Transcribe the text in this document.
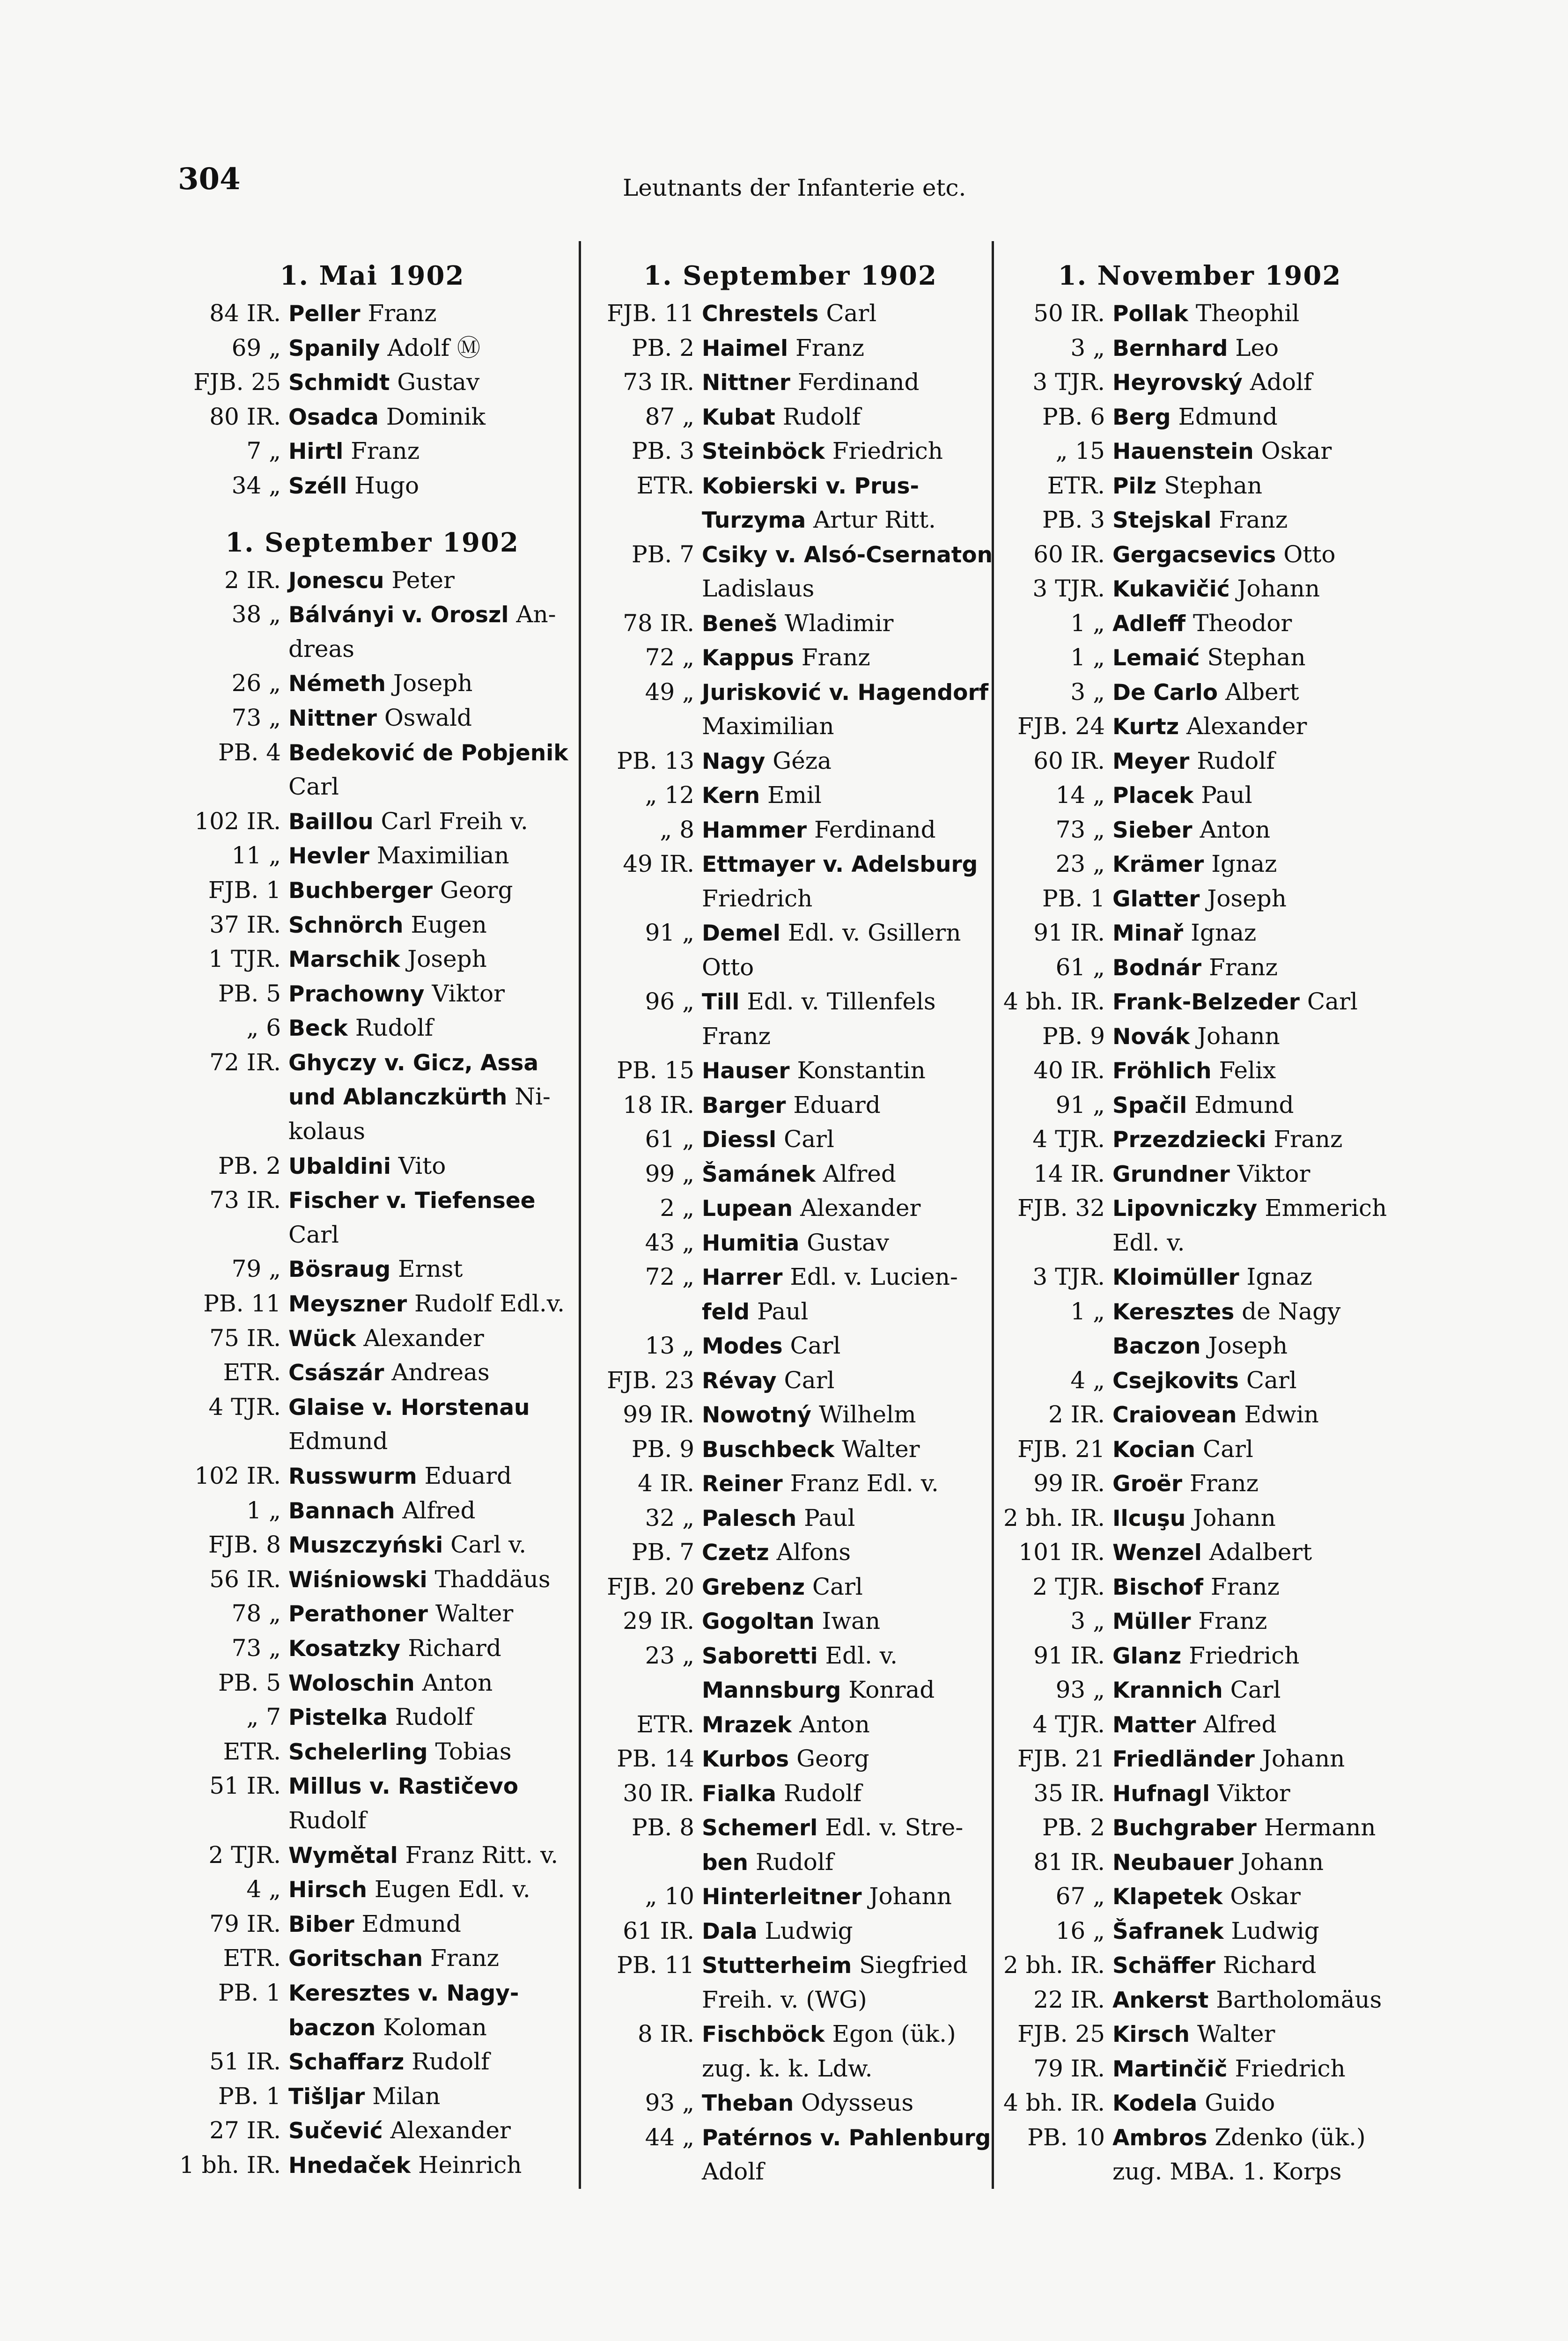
304	Leutnants der Infanterie etc.
1. Mai 1902
84 IR. Peller Franz
69 „ Spanily Adolf Ⓜ
FJB. 25 Schmidt Gustav
80 IR. Osadca Dominik
7 „ Hirtl Franz
34 „ Széll Hugo
1. September 1902
2 IR. Jonescu Peter
38 „ Bálványi v. Oroszl An-
dreas
26 „ Németh Joseph
73 „ Nittner Oswald
PB. 4 Bedeković de Pobjenik
Carl
102 IR. Baillou Carl Freih v.
11 „ Hevler Maximilian
FJB. 1 Buchberger Georg
37 IR. Schnörch Eugen
1 TJR. Marschik Joseph
PB. 5 Prachowny Viktor
„ 6 Beck Rudolf
72 IR. Ghyczy v. Gicz, Assa
und Ablanczkürth Ni-
kolaus
PB. 2 Ubaldini Vito
73 IR. Fischer v. Tiefensee
Carl
79 „ Bösraug Ernst
PB. 11 Meyszner Rudolf Edl.v.
75 IR. Wück Alexander
ETR. Császár Andreas
4 TJR. Glaise v. Horstenau
Edmund
102 IR. Russwurm Eduard
1 „ Bannach Alfred
FJB. 8 Muszczyński Carl v.
56 IR. Wiśniowski Thaddäus
78 „ Perathoner Walter
73 „ Kosatzky Richard
PB. 5 Woloschin Anton
„ 7 Pistelka Rudolf
ETR. Schelerling Tobias
51 IR. Millus v. Rastičevo
Rudolf
2 TJR. Wymětal Franz Ritt. v.
4 „ Hirsch Eugen Edl. v.
79 IR. Biber Edmund
ETR. Goritschan Franz
PB. 1 Keresztes v. Nagy-
baczon Koloman
51 IR. Schaffarz Rudolf
PB. 1 Tišljar Milan
27 IR. Sučević Alexander
1 bh. IR. Hnedaček Heinrich
1. September 1902
FJB. 11 Chrestels Carl
PB. 2 Haimel Franz
73 IR. Nittner Ferdinand
87 „ Kubat Rudolf
PB. 3 Steinböck Friedrich
ETR. Kobierski v. Prus-
Turzyma Artur Ritt.
PB. 7 Csiky v. Alsó-Csernaton
Ladislaus
78 IR. Beneš Wladimir
72 „ Kappus Franz
49 „ Jurisković v. Hagendorf
Maximilian
PB. 13 Nagy Géza
„ 12 Kern Emil
„ 8 Hammer Ferdinand
49 IR. Ettmayer v. Adelsburg
Friedrich
91 „ Demel Edl. v. Gsillern
Otto
96 „ Till Edl. v. Tillenfels
Franz
PB. 15 Hauser Konstantin
18 IR. Barger Eduard
61 „ Diessl Carl
99 „ Šamánek Alfred
2 „ Lupean Alexander
43 „ Humitia Gustav
72 „ Harrer Edl. v. Lucien-
feld Paul
13 „ Modes Carl
FJB. 23 Révay Carl
99 IR. Nowotný Wilhelm
PB. 9 Buschbeck Walter
4 IR. Reiner Franz Edl. v.
32 „ Palesch Paul
PB. 7 Czetz Alfons
FJB. 20 Grebenz Carl
29 IR. Gogoltan Iwan
23 „ Saboretti Edl. v.
Mannsburg Konrad
ETR. Mrazek Anton
PB. 14 Kurbos Georg
30 IR. Fialka Rudolf
PB. 8 Schemerl Edl. v. Stre-
ben Rudolf
„ 10 Hinterleitner Johann
61 IR. Dala Ludwig
PB. 11 Stutterheim Siegfried
Freih. v. (WG)
8 IR. Fischböck Egon (ük.)
zug. k. k. Ldw.
93 „ Theban Odysseus
44 „ Patérnos v. Pahlenburg
Adolf
1. November 1902
50 IR. Pollak Theophil
3 „ Bernhard Leo
3 TJR. Heyrovský Adolf
PB. 6 Berg Edmund
„ 15 Hauenstein Oskar
ETR. Pilz Stephan
PB. 3 Stejskal Franz
60 IR. Gergacsevics Otto
3 TJR. Kukavičić Johann
1 „ Adleff Theodor
1 „ Lemaić Stephan
3 „ De Carlo Albert
FJB. 24 Kurtz Alexander
60 IR. Meyer Rudolf
14 „ Placek Paul
73 „ Sieber Anton
23 „ Krämer Ignaz
PB. 1 Glatter Joseph
91 IR. Minař Ignaz
61 „ Bodnár Franz
4 bh. IR. Frank-Belzeder Carl
PB. 9 Novák Johann
40 IR. Fröhlich Felix
91 „ Spačil Edmund
4 TJR. Przezdziecki Franz
14 IR. Grundner Viktor
FJB. 32 Lipovniczky Emmerich
Edl. v.
3 TJR. Kloimüller Ignaz
1 „ Keresztes de Nagy
Baczon Joseph
4 „ Csejkovits Carl
2 IR. Craiovean Edwin
FJB. 21 Kocian Carl
99 IR. Groër Franz
2 bh. IR. Ilcuşu Johann
101 IR. Wenzel Adalbert
2 TJR. Bischof Franz
3 „ Müller Franz
91 IR. Glanz Friedrich
93 „ Krannich Carl
4 TJR. Matter Alfred
FJB. 21 Friedländer Johann
35 IR. Hufnagl Viktor
PB. 2 Buchgraber Hermann
81 IR. Neubauer Johann
67 „ Klapetek Oskar
16 „ Šafranek Ludwig
2 bh. IR. Schäffer Richard
22 IR. Ankerst Bartholomäus
FJB. 25 Kirsch Walter
79 IR. Martinčič Friedrich
4 bh. IR. Kodela Guido
PB. 10 Ambros Zdenko (ük.)
zug. MBA. 1. Korps
